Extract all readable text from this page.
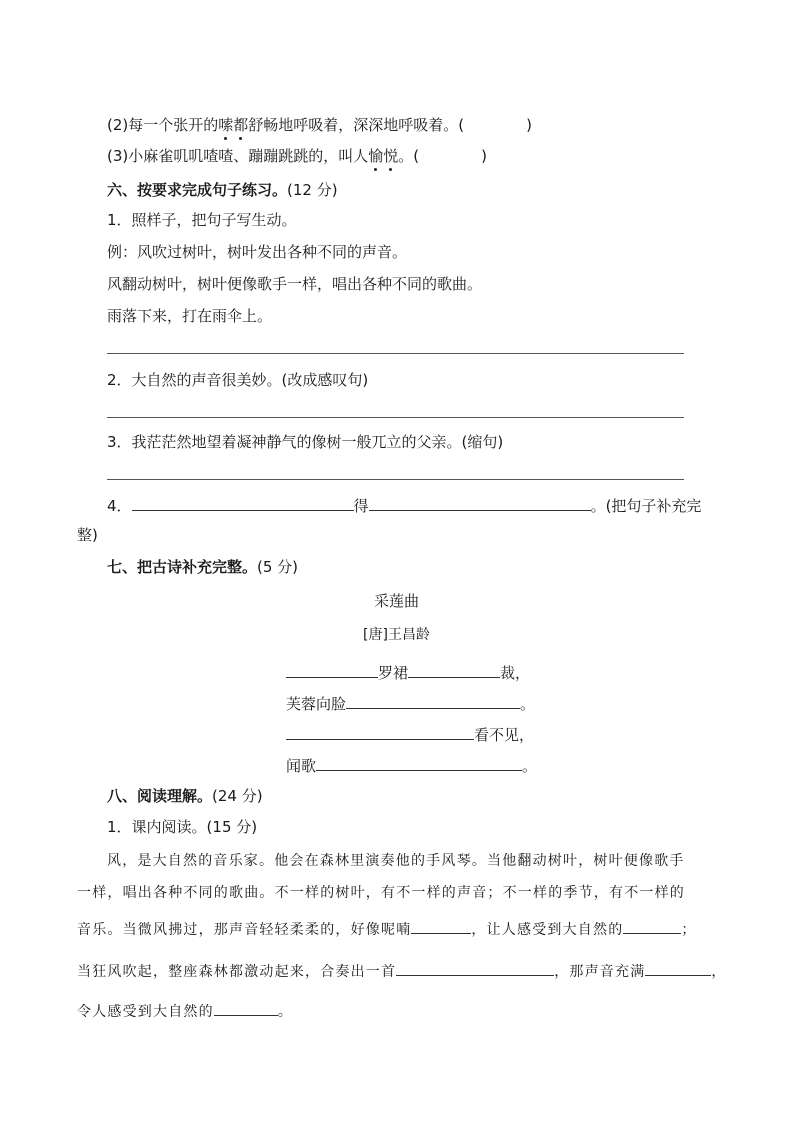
(2)每一个张开的嗦都舒畅地呼吸着，深深地呼吸着。(	)
(3)小麻雀叽叽喳喳、蹦蹦跳跳的，叫人愉悦。(	)
六、按要求完成句子练习。(12 分)
1．照样子，把句子写生动。
例：风吹过树叶，树叶发出各种不同的声音。
风翻动树叶，树叶便像歌手一样，唱出各种不同的歌曲。
雨落下来，打在雨伞上。
2．大自然的声音很美妙。(改成感叹句)
3．我茫茫然地望着凝神静气的像树一般兀立的父亲。(缩句)
4．	得	。(把句子补充完
整)
七、把古诗补充完整。(5 分)
采莲曲
[唐]王昌龄
罗裙	裁，
芙蓉向脸	。
看不见，
闻歌	。
八、阅读理解。(24 分)
1．课内阅读。(15 分)
风，是大自然的音乐家。他会在森林里演奏他的手风琴。当他翻动树叶，树叶便像歌手
一样，唱出各种不同的歌曲。不一样的树叶，有不一样的声音；不一样的季节，有不一样的
音乐。当微风拂过，那声音轻轻柔柔的，好像呢喃	，让人感受到大自然的	；
当狂风吹起，整座森林都激动起来，合奏出一首	，那声音充满	，
令人感受到大自然的	。
